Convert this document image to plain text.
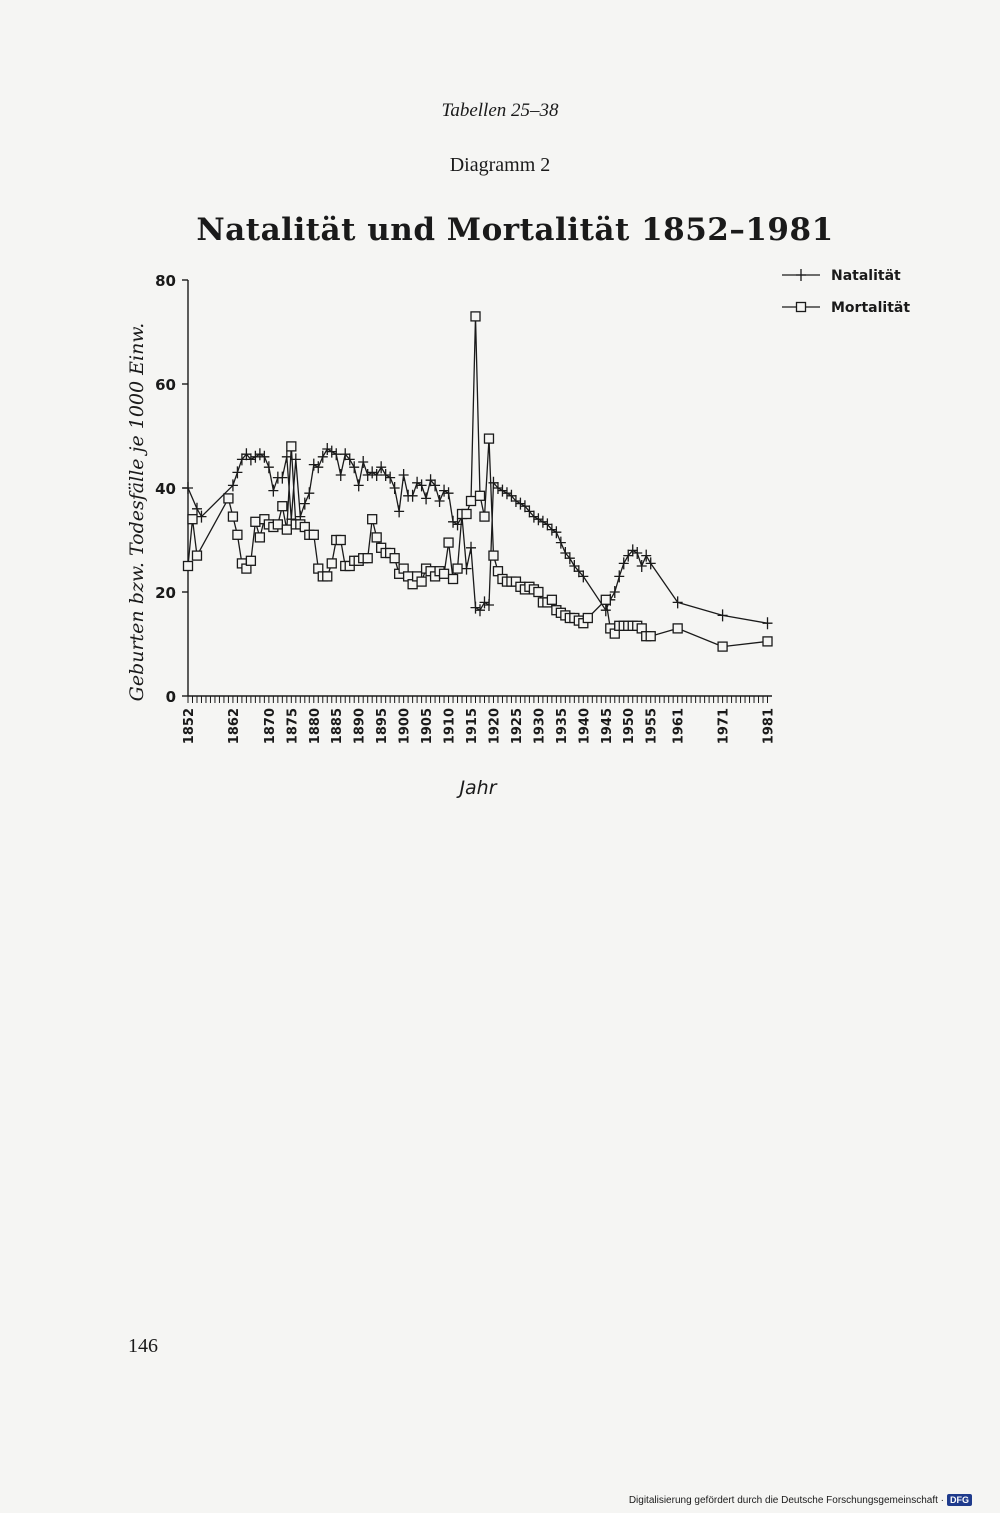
Tabellen 25–38
Diagramm 2
Natalität und Mortalität 1852–1981
0
20
40
60
80
1852 1862 1870 1875 1880 1885 1890 1895 1900 1905 1910 1915 1920 1925 1930 1935 1940 1945 1950 1955 1961 1971 1981
Natalität
Mortalität
Geburten bzw. Todesfälle je 1000 Einw.
Jahr
146
Digitalisierung gefördert durch die Deutsche Forschungsgemeinschaft · DFG
